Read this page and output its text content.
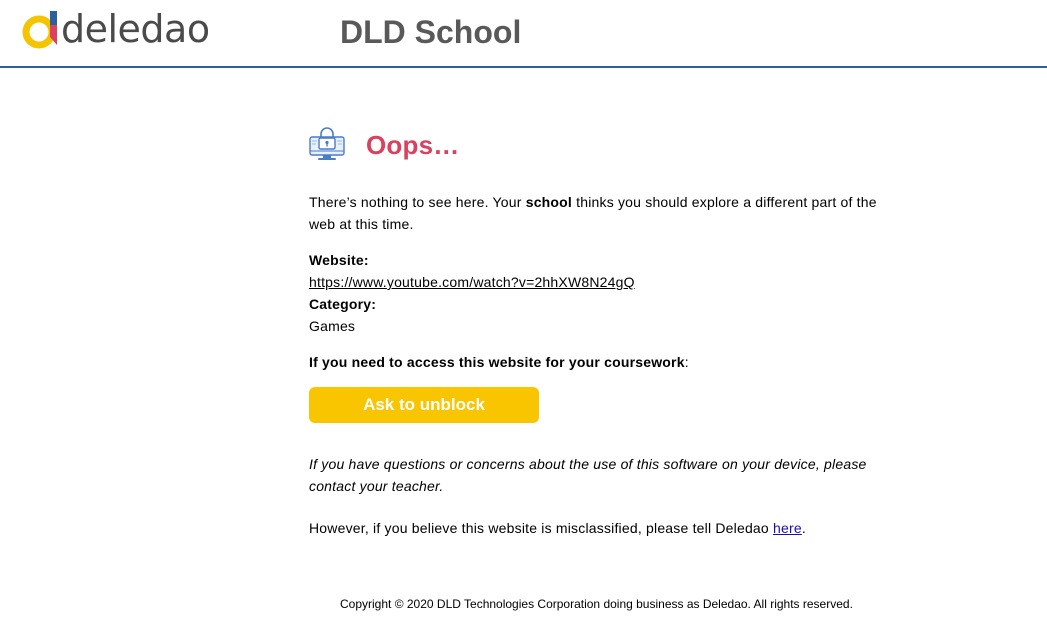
deledao	DLD School
Oops…

There’s nothing to see here. Your school thinks you should explore a different part of the web at this time.

Website:
https://www.youtube.com/watch?v=2hhXW8N24gQ
Category:
Games
If you need to access this website for your coursework:
Ask to unblock

If you have questions or concerns about the use of this software on your device, please contact your teacher.

However, if you believe this website is misclassified, please tell Deledao here.

Copyright © 2020 DLD Technologies Corporation doing business as Deledao. All rights reserved.
